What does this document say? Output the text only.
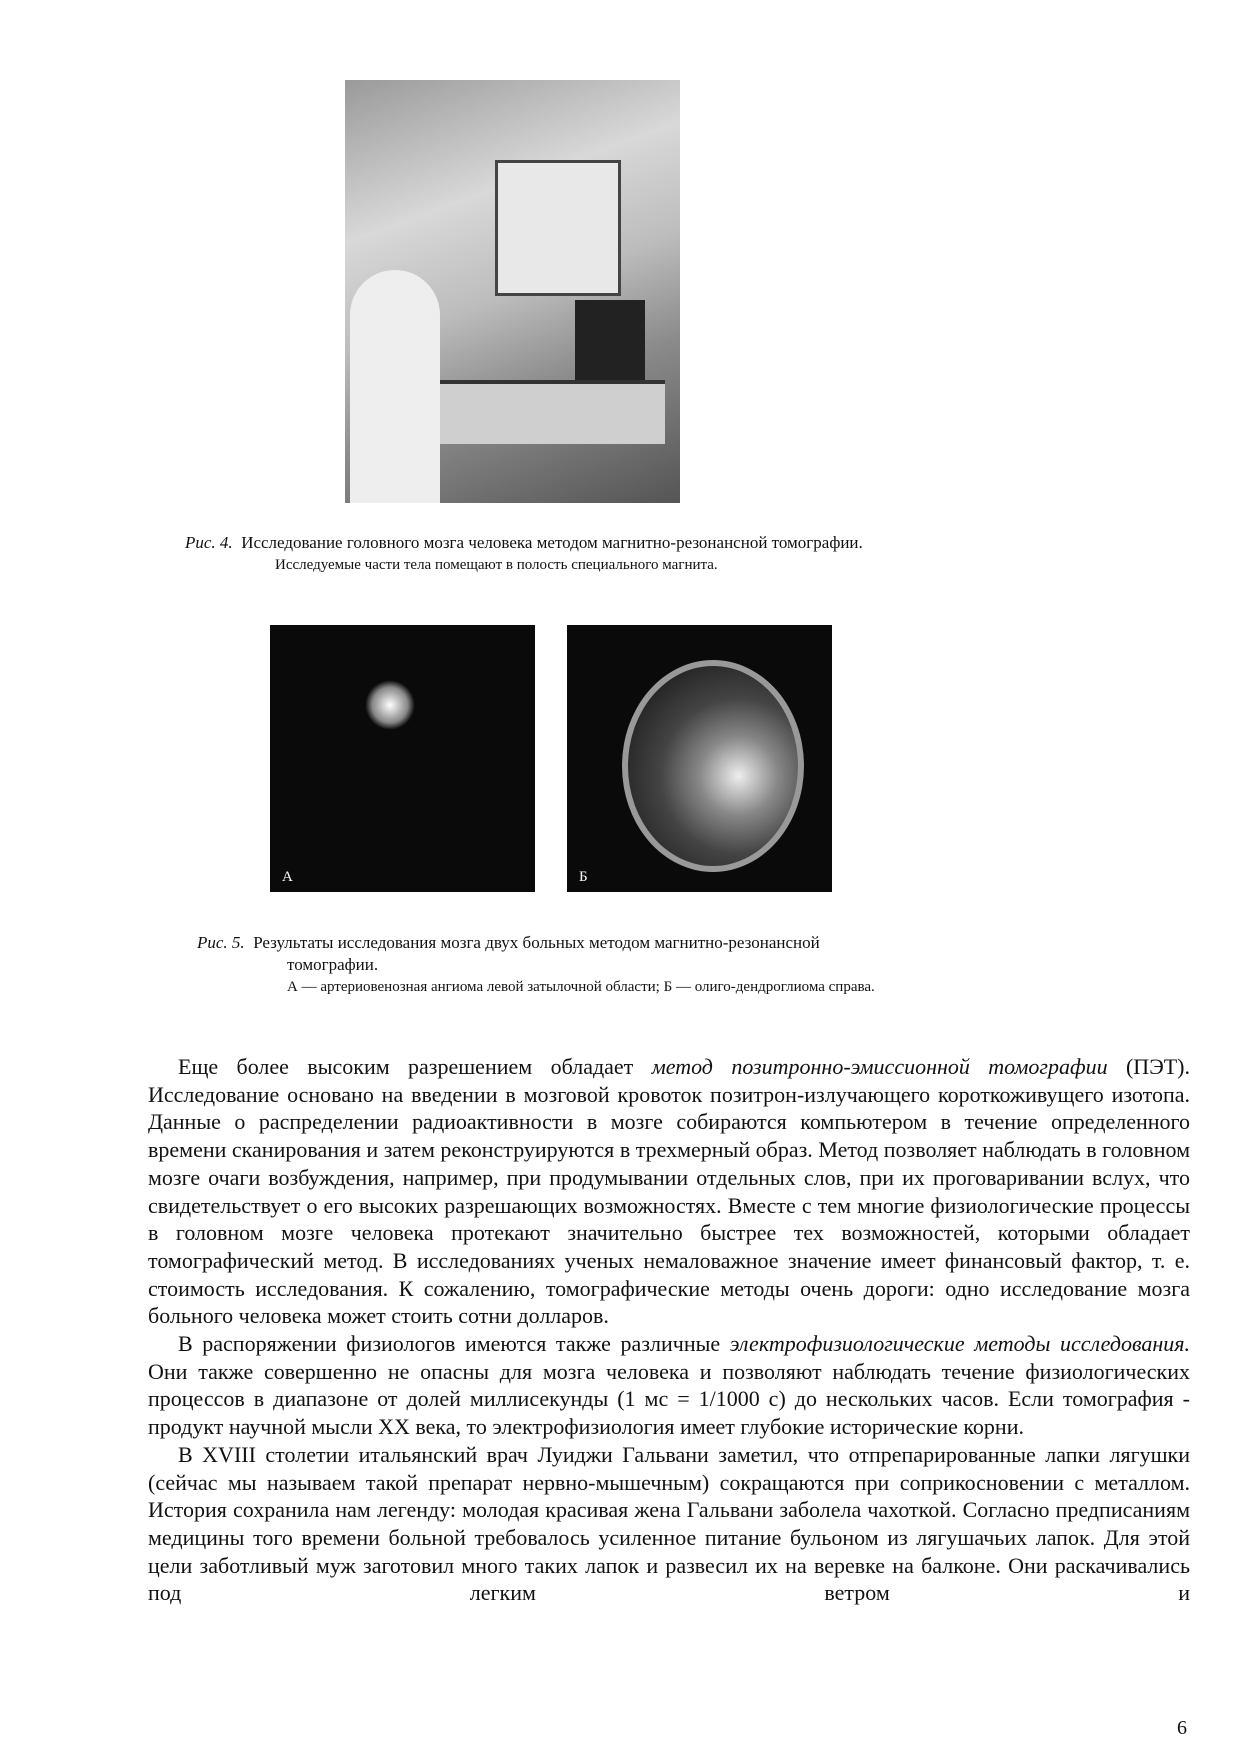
Рис. 4. Исследование головного мозга человека методом магнитно-резонансной томографии.
Исследуемые части тела помещают в полость специального магнита.
А	Б
Рис. 5. Результаты исследования мозга двух больных методом магнитно-резонансной томографии.
А — артериовенозная ангиома левой затылочной области; Б — олиго-дендроглиома справа.

Еще более высоким разрешением обладает метод позитронно-эмиссионной томографии (ПЭТ). Исследование основано на введении в мозговой кровоток позитрон-излучающего короткоживущего изотопа. Данные о распределении радиоактивности в мозге собираются компьютером в течение определенного времени сканирования и затем реконструируются в трехмерный образ. Метод позволяет наблюдать в головном мозге очаги возбуждения, например, при продумывании отдельных слов, при их проговаривании вслух, что свидетельствует о его высоких разрешающих возможностях. Вместе с тем многие физиологические процессы в головном мозге человека протекают значительно быстрее тех возможностей, которыми обладает томографический метод. В исследованиях ученых немаловажное значение имеет финансовый фактор, т. е. стоимость исследования. К сожалению, томографические методы очень дороги: одно исследование мозга больного человека может стоить сотни долларов.

В распоряжении физиологов имеются также различные электрофизиологические методы исследования. Они также совершенно не опасны для мозга человека и позволяют наблюдать течение физиологических процессов в диапазоне от долей миллисекунды (1 мс = 1/1000 с) до нескольких часов. Если томография - продукт научной мысли XX века, то электрофизиология имеет глубокие исторические корни.

В XVIII столетии итальянский врач Луиджи Гальвани заметил, что отпрепарированные лапки лягушки (сейчас мы называем такой препарат нервно-мышечным) сокращаются при соприкосновении с металлом. История сохранила нам легенду: молодая красивая жена Гальвани заболела чахоткой. Согласно предписаниям медицины того времени больной требовалось усиленное питание бульоном из лягушачьих лапок. Для этой цели заботливый муж заготовил много таких лапок и развесил их на веревке на балконе. Они раскачивались под легким ветром и

6
